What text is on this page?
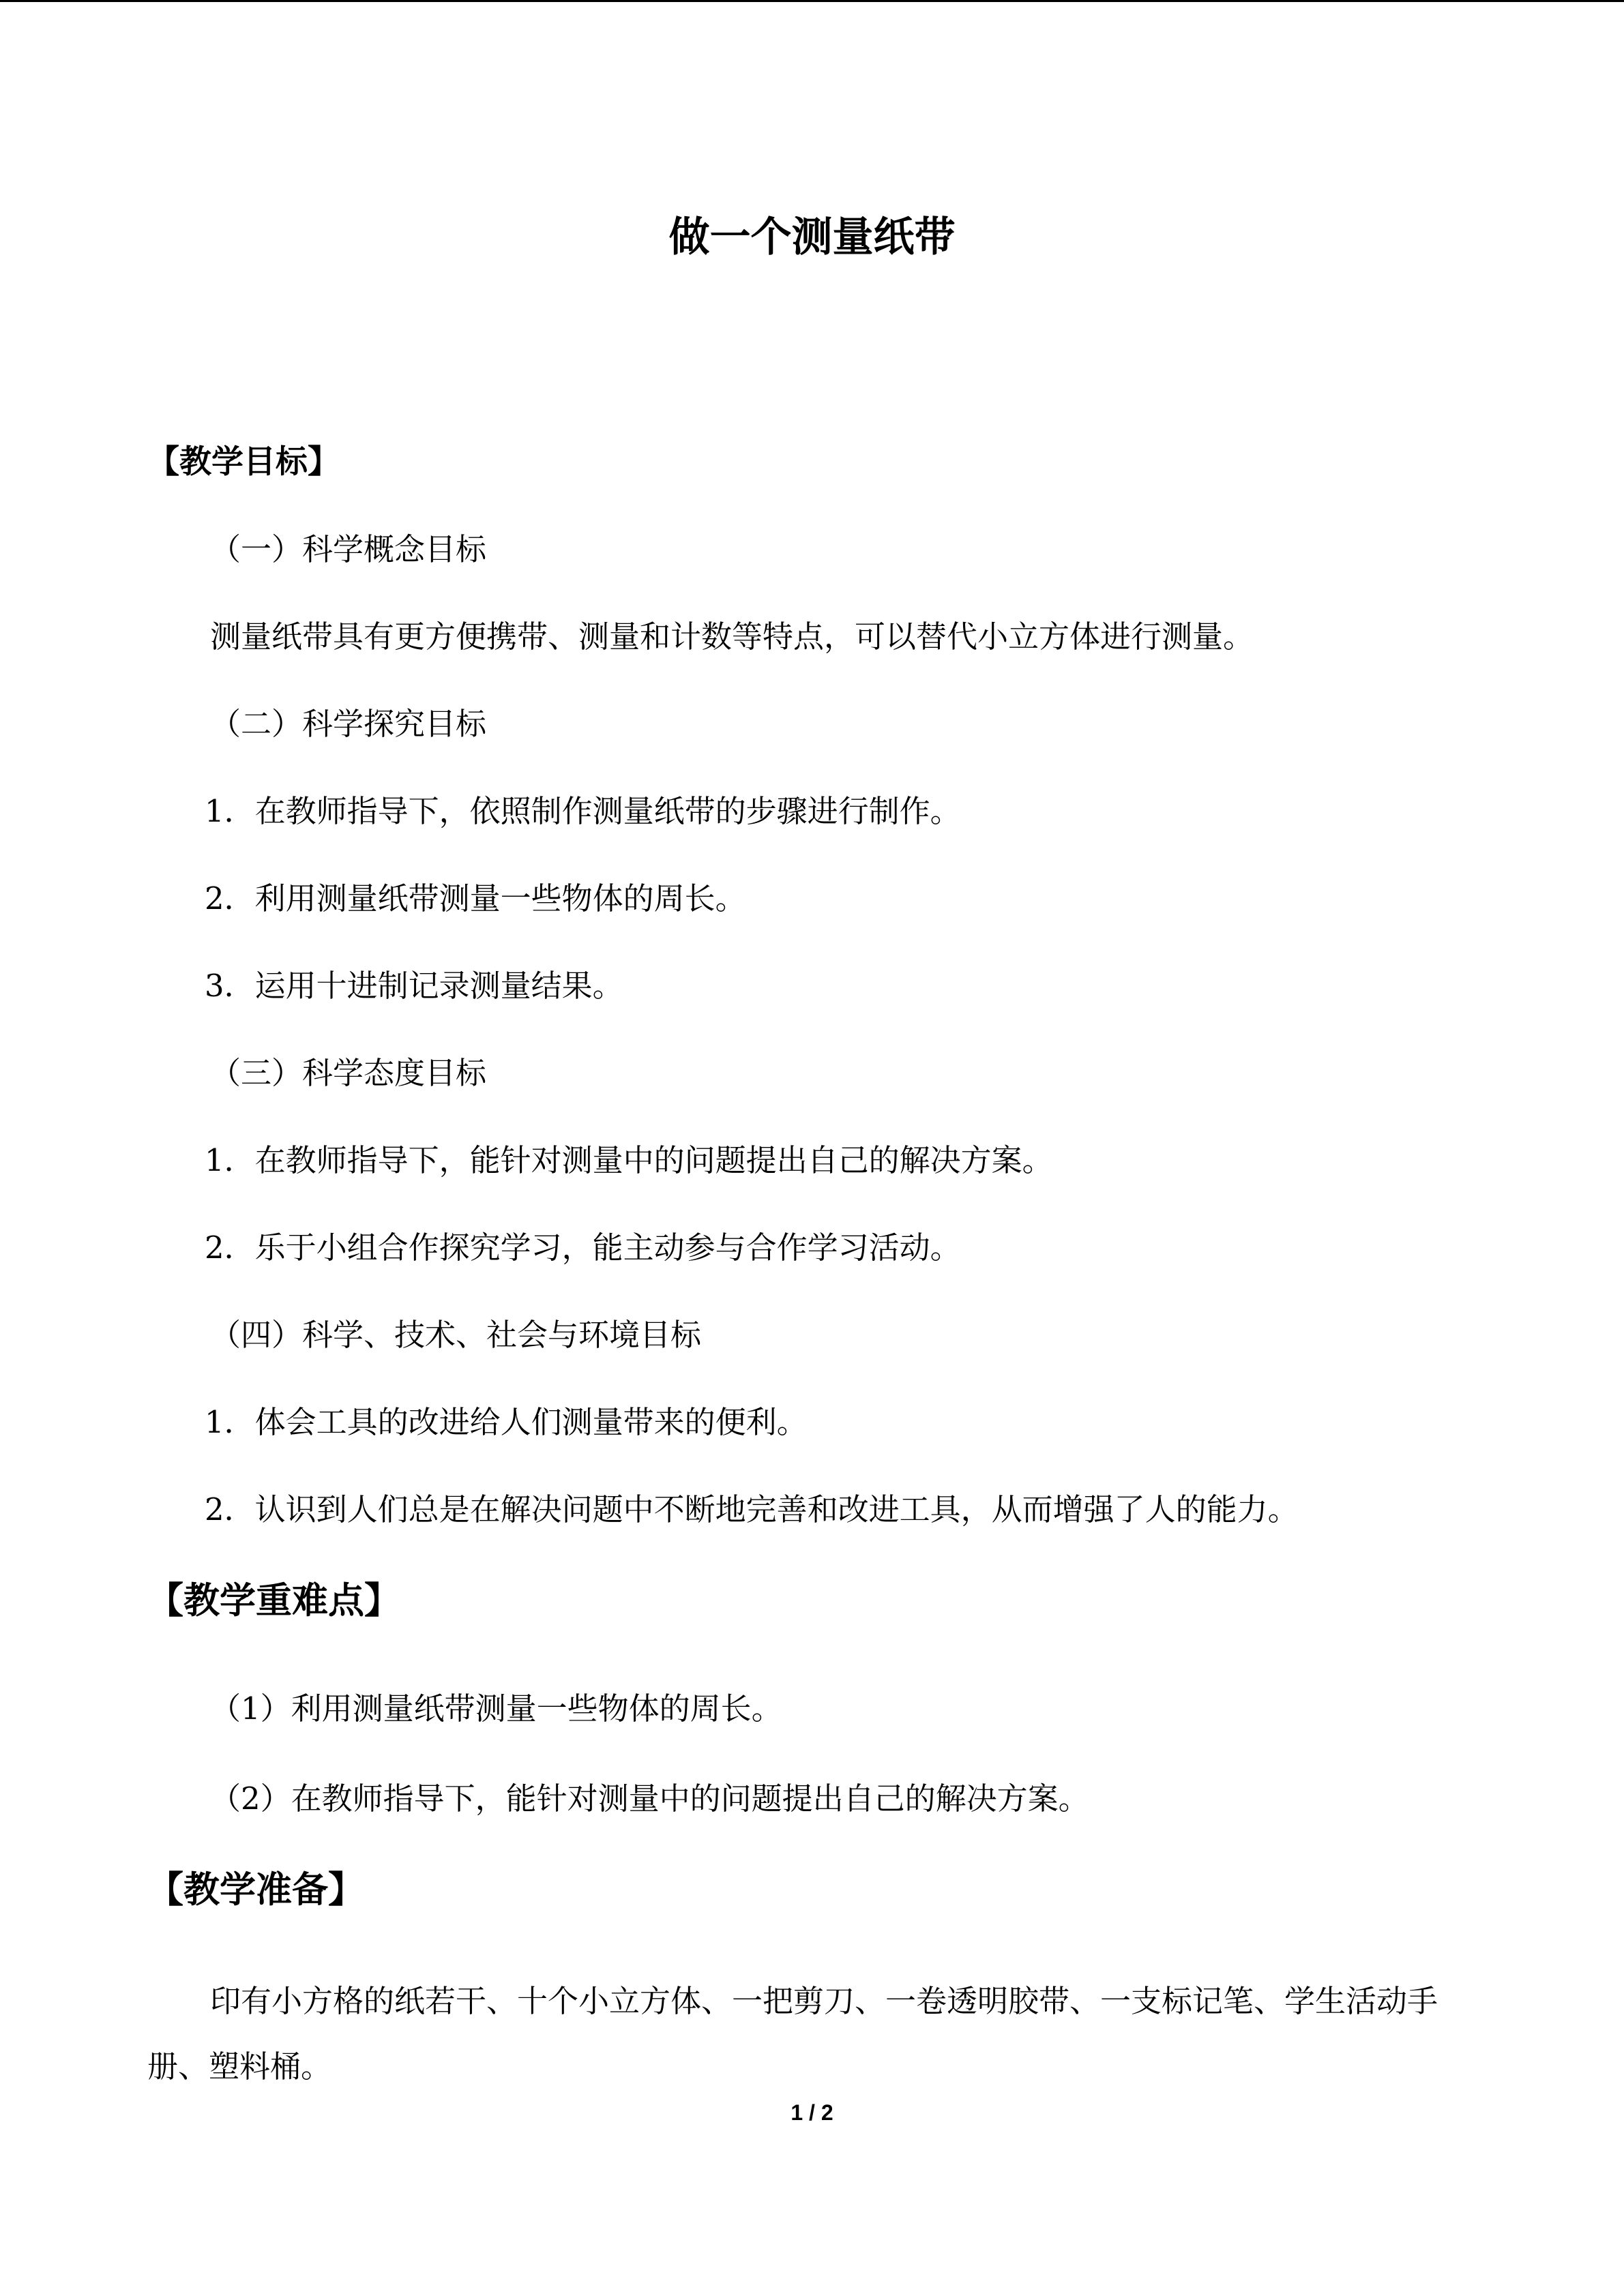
做一个测量纸带
【教学目标】
（一）科学概念目标
测量纸带具有更方便携带、测量和计数等特点，可以替代小立方体进行测量。
（二）科学探究目标
1．在教师指导下，依照制作测量纸带的步骤进行制作。
2．利用测量纸带测量一些物体的周长。
3．运用十进制记录测量结果。
（三）科学态度目标
1．在教师指导下，能针对测量中的问题提出自己的解决方案。
2．乐于小组合作探究学习，能主动参与合作学习活动。
（四）科学、技术、社会与环境目标
1．体会工具的改进给人们测量带来的便利。
2．认识到人们总是在解决问题中不断地完善和改进工具，从而增强了人的能力。
【教学重难点】
（1）利用测量纸带测量一些物体的周长。
（2）在教师指导下，能针对测量中的问题提出自己的解决方案。
【教学准备】
印有小方格的纸若干、十个小立方体、一把剪刀、一卷透明胶带、一支标记笔、学生活动手册、塑料桶。
1 / 2
